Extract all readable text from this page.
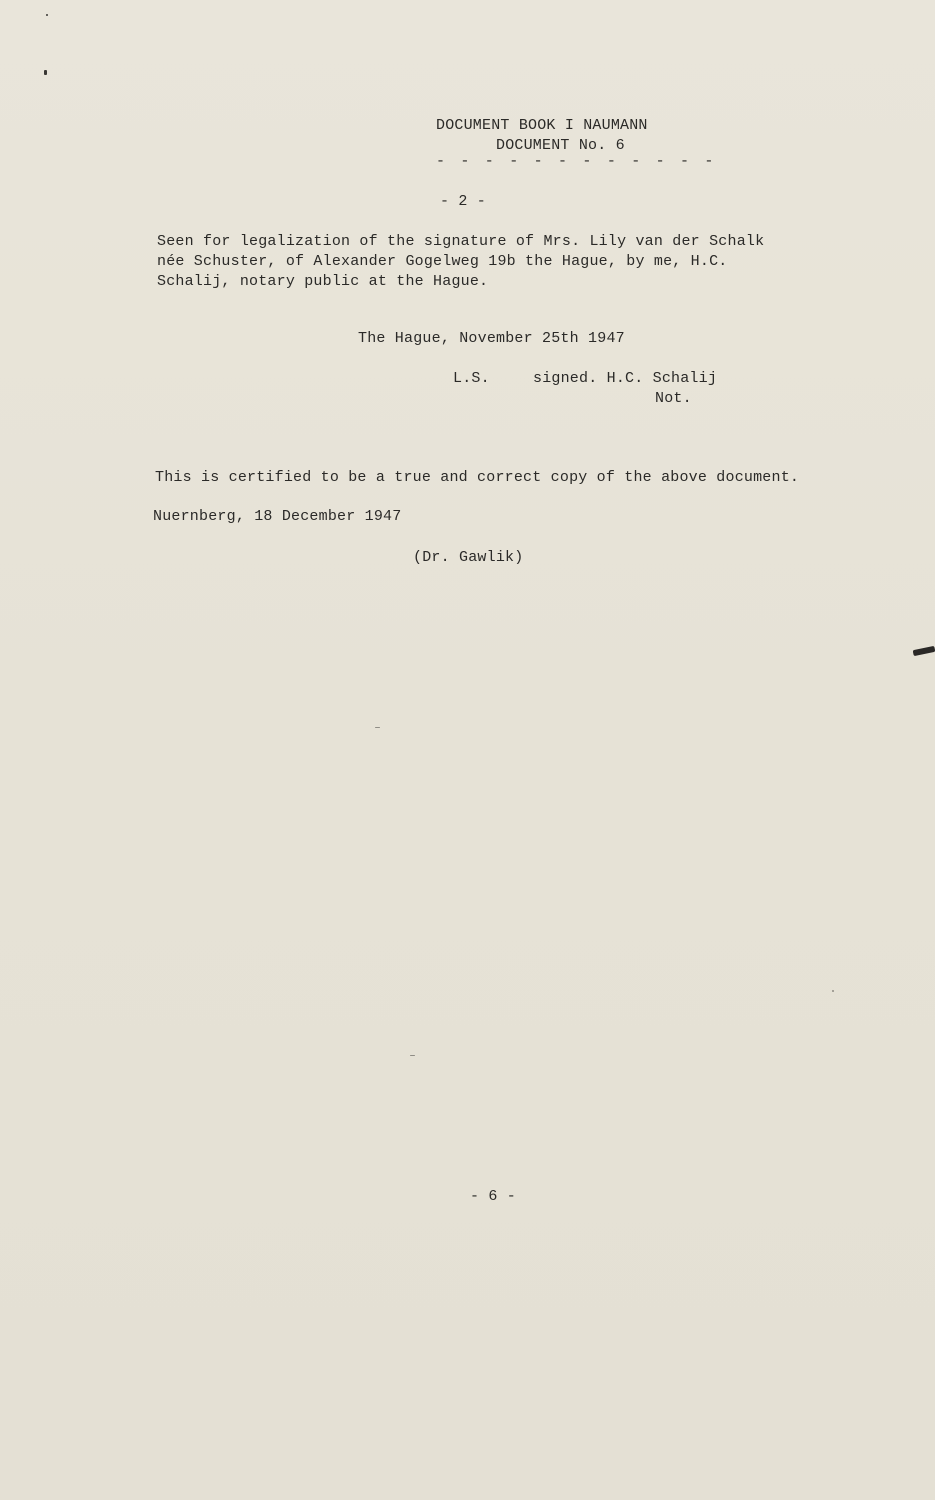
DOCUMENT BOOK I NAUMANN
DOCUMENT No. 6
- - - - - - - - - - - -
- 2 -
Seen for legalization of the signature of Mrs. Lily van der Schalk
née Schuster, of Alexander Gogelweg 19b the Hague, by me, H.C.
Schalij, notary public at the Hague.
The Hague, November 25th 1947
L.S.	signed. H.C. Schalij
Not.
This is certified to be a true and correct copy of the above document.
Nuernberg, 18 December 1947
(Dr. Gawlik)
- 6 -
